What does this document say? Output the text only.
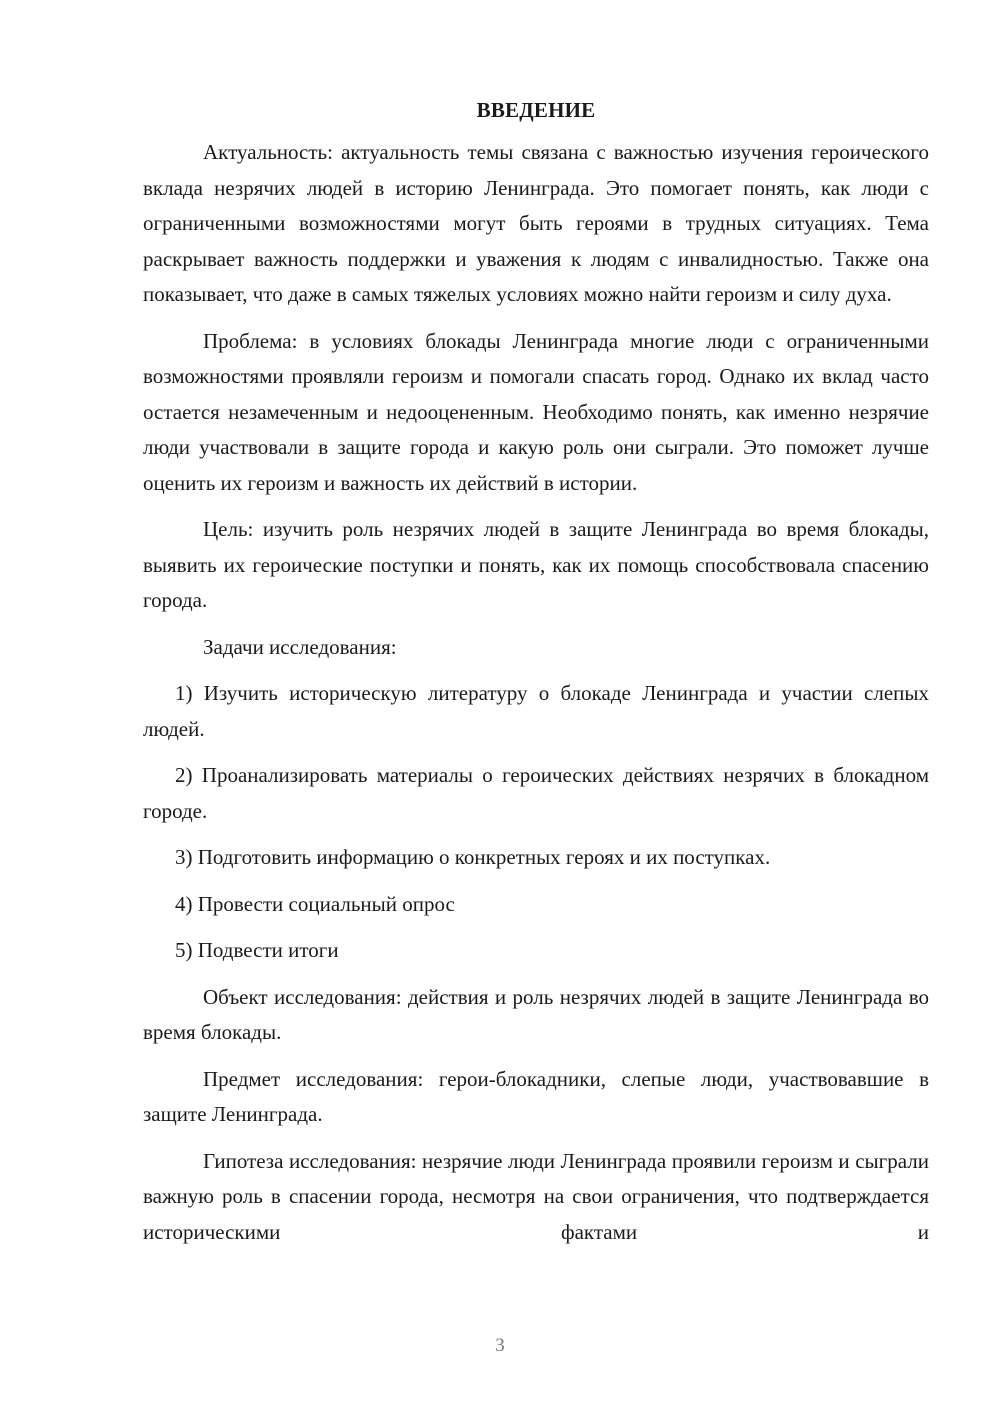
ВВЕДЕНИЕ

Актуальность: актуальность темы связана с важностью изучения героического вклада незрячих людей в историю Ленинграда. Это помогает понять, как люди с ограниченными возможностями могут быть героями в трудных ситуациях. Тема раскрывает важность поддержки и уважения к людям с инвалидностью. Также она показывает, что даже в самых тяжелых условиях можно найти героизм и силу духа.

Проблема: в условиях блокады Ленинграда многие люди с ограниченными возможностями проявляли героизм и помогали спасать город. Однако их вклад часто остается незамеченным и недооцененным. Необходимо понять, как именно незрячие люди участвовали в защите города и какую роль они сыграли. Это поможет лучше оценить их героизм и важность их действий в истории.

Цель: изучить роль незрячих людей в защите Ленинграда во время блокады, выявить их героические поступки и понять, как их помощь способствовала спасению города.

Задачи исследования:

1) Изучить историческую литературу о блокаде Ленинграда и участии слепых людей.

2) Проанализировать материалы о героических действиях незрячих в блокадном городе.

3) Подготовить информацию о конкретных героях и их поступках.

4) Провести социальный опрос

5) Подвести итоги

Объект исследования: действия и роль незрячих людей в защите Ленинграда во время блокады.

Предмет исследования: герои-блокадники, слепые люди, участвовавшие в защите Ленинграда.

Гипотеза исследования: незрячие люди Ленинграда проявили героизм и сыграли важную роль в спасении города, несмотря на свои ограничения, что подтверждается историческими фактами и

3
